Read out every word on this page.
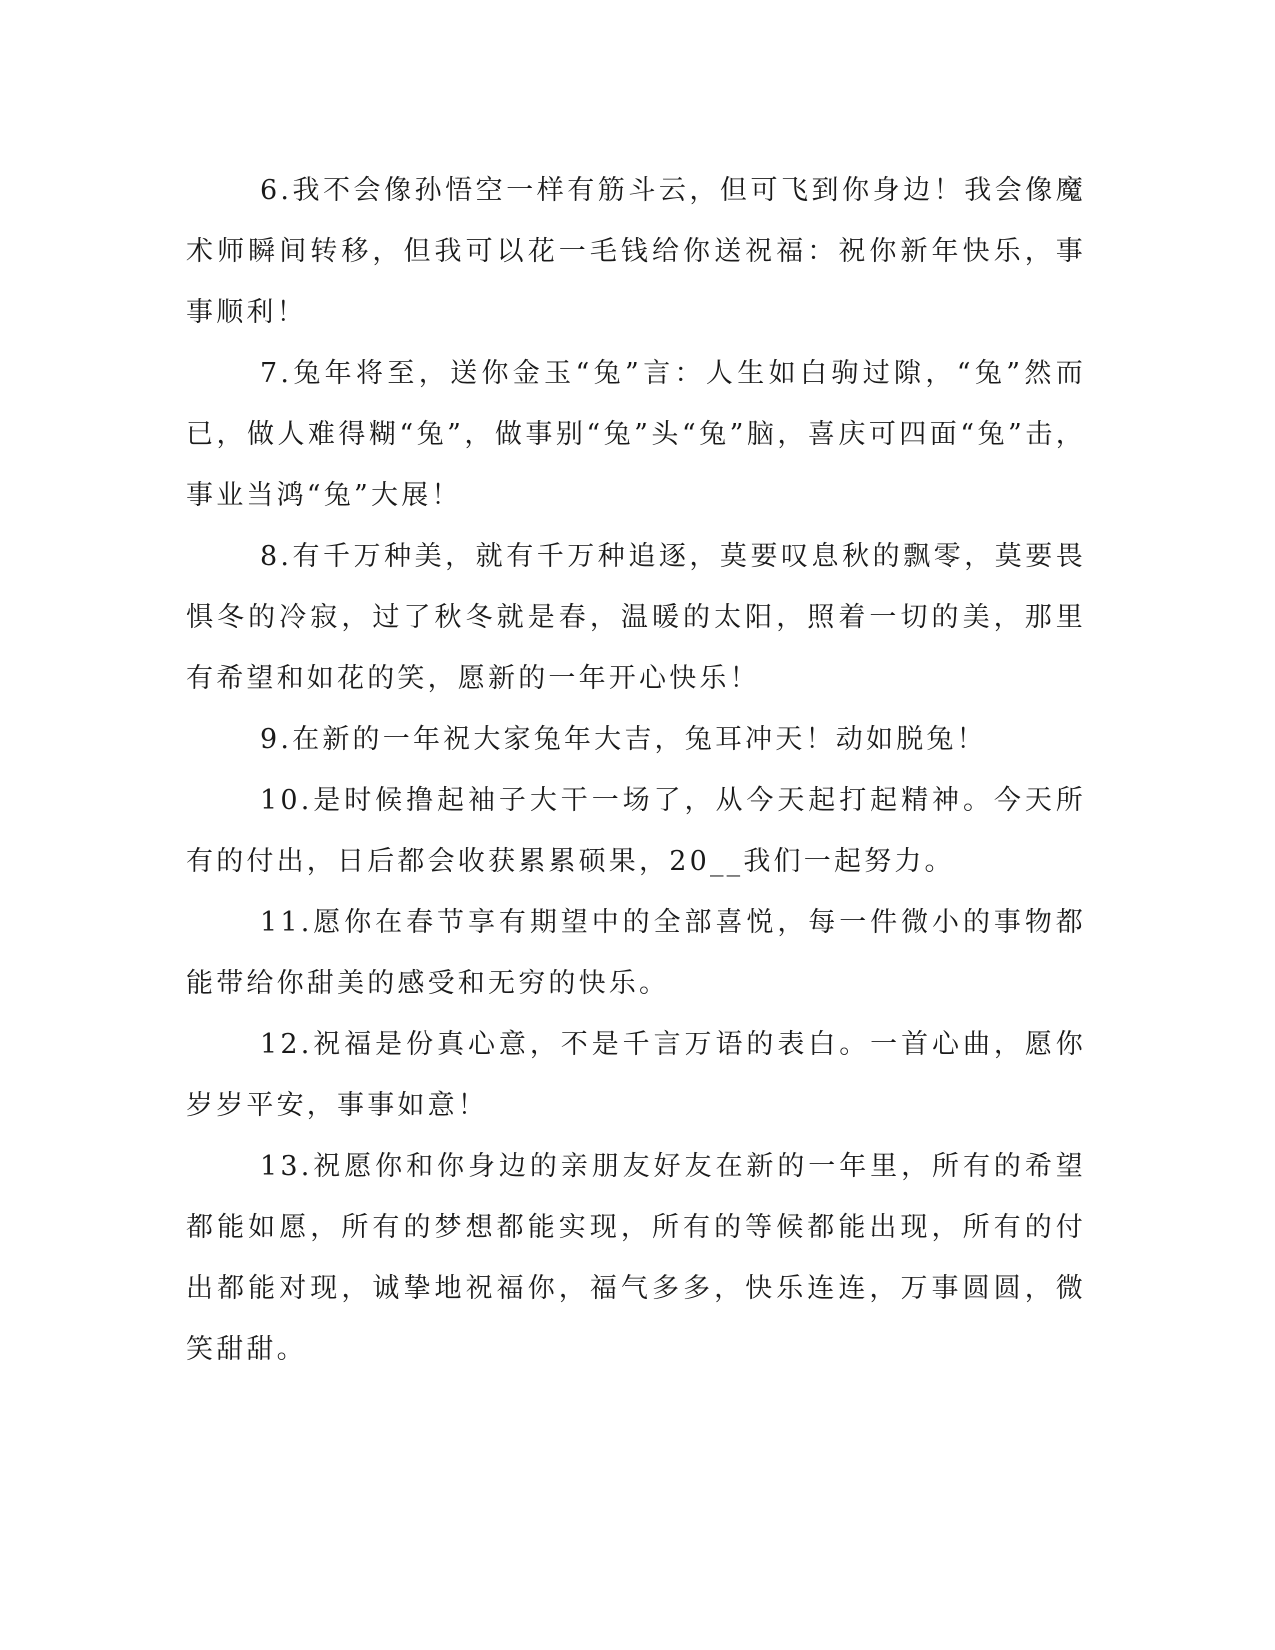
6.我不会像孙悟空一样有筋斗云，但可飞到你身边！我会像魔术师瞬间转移，但我可以花一毛钱给你送祝福：祝你新年快乐，事事顺利！

7.兔年将至，送你金玉“兔”言：人生如白驹过隙，“兔”然而已，做人难得糊“兔”，做事别“兔”头“兔”脑，喜庆可四面“兔”击，事业当鸿“兔”大展！

8.有千万种美，就有千万种追逐，莫要叹息秋的飘零，莫要畏惧冬的冷寂，过了秋冬就是春，温暖的太阳，照着一切的美，那里有希望和如花的笑，愿新的一年开心快乐！

9.在新的一年祝大家兔年大吉，兔耳冲天！动如脱兔！

10.是时候撸起袖子大干一场了，从今天起打起精神。今天所有的付出，日后都会收获累累硕果，20__我们一起努力。

11.愿你在春节享有期望中的全部喜悦，每一件微小的事物都能带给你甜美的感受和无穷的快乐。

12.祝福是份真心意，不是千言万语的表白。一首心曲，愿你岁岁平安，事事如意！

13.祝愿你和你身边的亲朋友好友在新的一年里，所有的希望都能如愿，所有的梦想都能实现，所有的等候都能出现，所有的付出都能对现，诚挚地祝福你，福气多多，快乐连连，万事圆圆，微笑甜甜。
